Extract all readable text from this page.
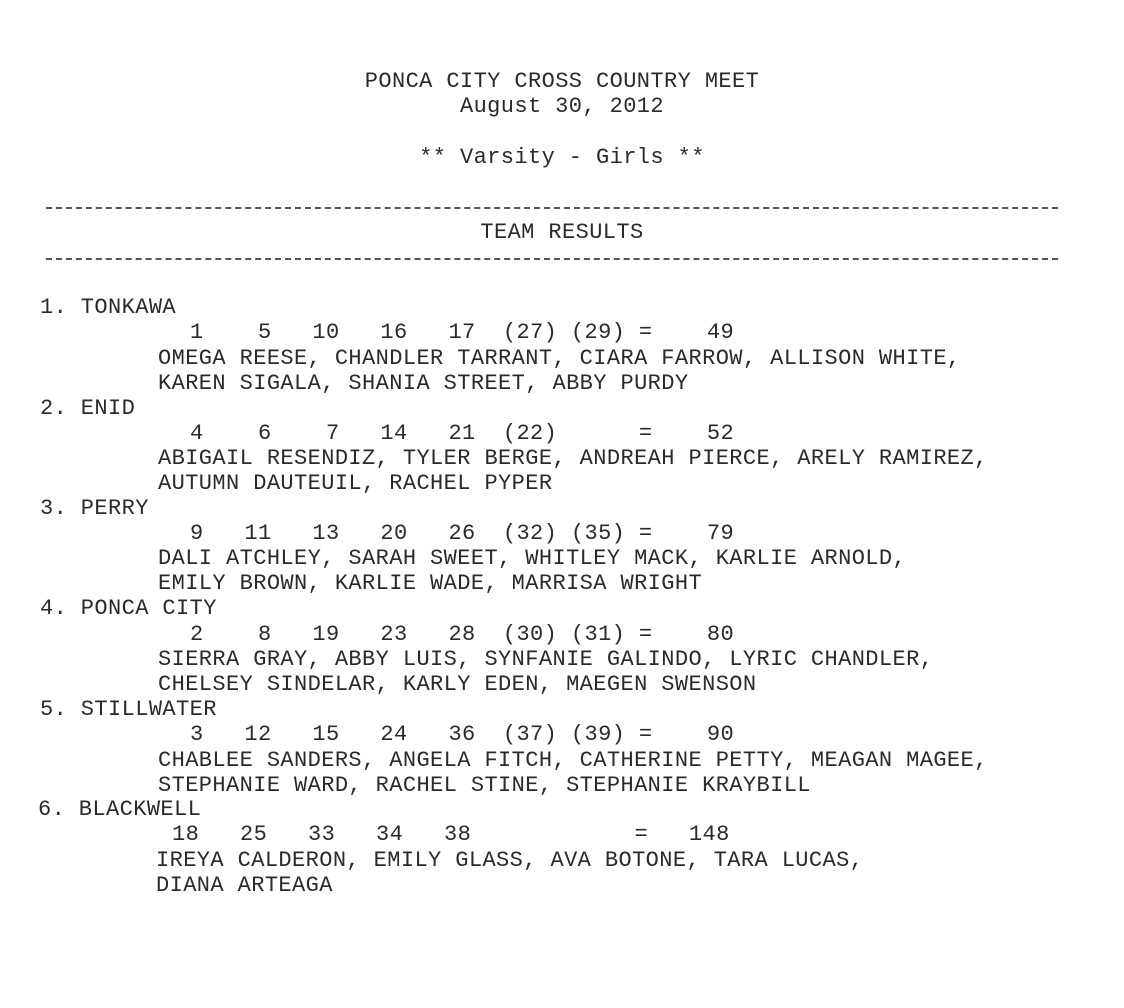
PONCA CITY CROSS COUNTRY MEET
August 30, 2012
** Varsity - Girls **
TEAM RESULTS
1. TONKAWA
1    5   10   16   17  (27) (29) =    49
OMEGA REESE, CHANDLER TARRANT, CIARA FARROW, ALLISON WHITE,
KAREN SIGALA, SHANIA STREET, ABBY PURDY
2. ENID
4    6    7   14   21  (22)      =    52
ABIGAIL RESENDIZ, TYLER BERGE, ANDREAH PIERCE, ARELY RAMIREZ,
AUTUMN DAUTEUIL, RACHEL PYPER
3. PERRY
9   11   13   20   26  (32) (35) =    79
DALI ATCHLEY, SARAH SWEET, WHITLEY MACK, KARLIE ARNOLD,
EMILY BROWN, KARLIE WADE, MARRISA WRIGHT
4. PONCA CITY
2    8   19   23   28  (30) (31) =    80
SIERRA GRAY, ABBY LUIS, SYNFANIE GALINDO, LYRIC CHANDLER,
CHELSEY SINDELAR, KARLY EDEN, MAEGEN SWENSON
5. STILLWATER
3   12   15   24   36  (37) (39) =    90
CHABLEE SANDERS, ANGELA FITCH, CATHERINE PETTY, MEAGAN MAGEE,
STEPHANIE WARD, RACHEL STINE, STEPHANIE KRAYBILL
6. BLACKWELL
18   25   33   34   38            =   148
IREYA CALDERON, EMILY GLASS, AVA BOTONE, TARA LUCAS,
DIANA ARTEAGA
